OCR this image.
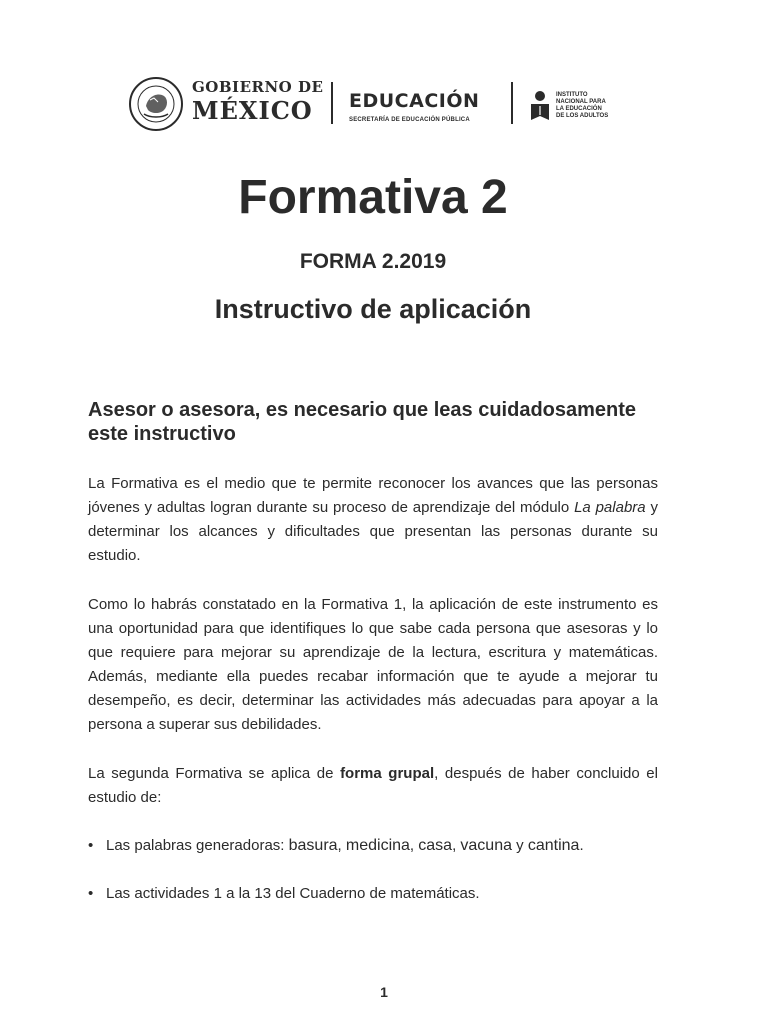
GOBIERNO DE
MÉXICO	EDUCACIÓN
SECRETARÍA DE EDUCACIÓN PÚBLICA
INSTITUTO
NACIONAL PARA
LA EDUCACIÓN
DE LOS ADULTOS
Formativa 2
FORMA 2.2019
Instructivo de aplicación
Asesor o asesora, es necesario que leas cuidadosamente este instructivo

La Formativa es el medio que te permite reconocer los avances que las personas jóvenes y adultas logran durante su proceso de aprendizaje del módulo La palabra y determinar los alcances y dificultades que presentan las personas durante su estudio.

Como lo habrás constatado en la Formativa 1, la aplicación de este instrumento es una oportunidad para que identifiques lo que sabe cada persona que asesoras y lo que requiere para mejorar su aprendizaje de la lectura, escritura y matemáticas. Además, mediante ella puedes recabar información que te ayude a mejorar tu desempeño, es decir, determinar las actividades más adecuadas para apoyar a la persona a superar sus debilidades.

La segunda Formativa se aplica de forma grupal, después de haber concluido el estudio de:

• Las palabras generadoras: basura, medicina, casa, vacuna y cantina.
• Las actividades 1 a la 13 del Cuaderno de matemáticas.
1
